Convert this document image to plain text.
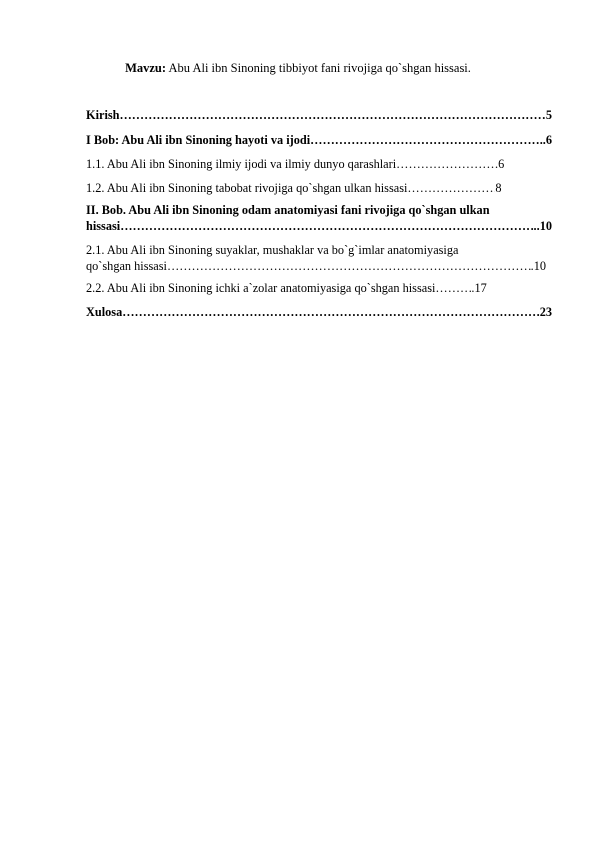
Mavzu: Abu Ali ibn Sinoning tibbiyot fani rivojiga qo`shgan hissasi.
Kirish …………………………………………………………………………………………………………………………………………………………………………………	5
I Bob: Abu Ali ibn Sinoning hayoti va ijodi …………………………………………………………………………………………………………………………………………………………………………………	..6
1.1. Abu Ali ibn Sinoning ilmiy ijodi va ilmiy dunyo qarashlari …………………………………………………………………………………………………………………………………………………………………………………	6
1.2. Abu Ali ibn Sinoning tabobat rivojiga qo`shgan ulkan hissasi …………………………………………………………………………………………………………………………………………………………………………………	8
II. Bob. Abu Ali ibn Sinoning odam anatomiyasi fani rivojiga qo`shgan ulkan
hissasi …………………………………………………………………………………………………………………………………………………………………………………	..10
2.1. Abu Ali ibn Sinoning suyaklar, mushaklar va bo`g`imlar anatomiyasiga
qo`shgan hissasi …………………………………………………………………………………………………………………………………………………………………………………	.10
2.2. Abu Ali ibn Sinoning ichki a`zolar anatomiyasiga qo`shgan hissasi …………………………………………………………………………………………………………………………………………………………………………………	.17
Xulosa …………………………………………………………………………………………………………………………………………………………………………………	.23
